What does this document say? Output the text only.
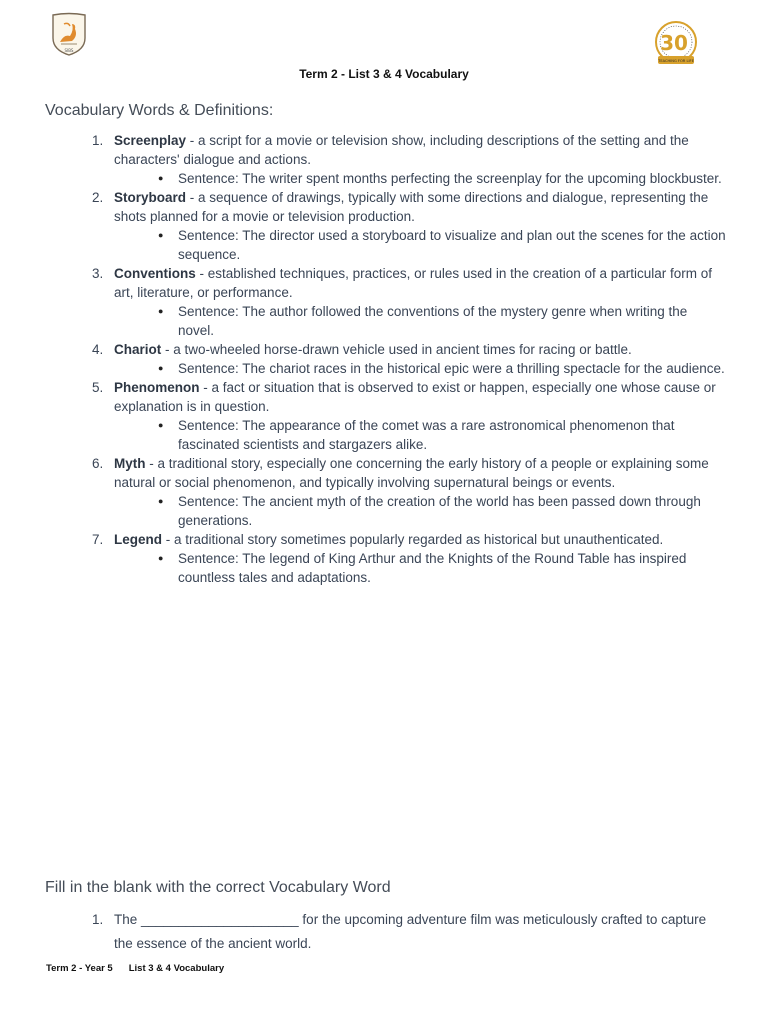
SIBS	30
TEACHING FOR LIFE
Term 2 - List 3 & 4 Vocabulary
Vocabulary Words & Definitions:
1. Screenplay - a script for a movie or television show, including descriptions of the setting and the characters' dialogue and actions.
● Sentence: The writer spent months perfecting the screenplay for the upcoming blockbuster.
2. Storyboard - a sequence of drawings, typically with some directions and dialogue, representing the shots planned for a movie or television production.
● Sentence: The director used a storyboard to visualize and plan out the scenes for the action sequence.
3. Conventions - established techniques, practices, or rules used in the creation of a particular form of art, literature, or performance.
● Sentence: The author followed the conventions of the mystery genre when writing the novel.
4. Chariot - a two-wheeled horse-drawn vehicle used in ancient times for racing or battle.
● Sentence: The chariot races in the historical epic were a thrilling spectacle for the audience.
5. Phenomenon - a fact or situation that is observed to exist or happen, especially one whose cause or explanation is in question.
● Sentence: The appearance of the comet was a rare astronomical phenomenon that fascinated scientists and stargazers alike.
6. Myth - a traditional story, especially one concerning the early history of a people or explaining some natural or social phenomenon, and typically involving supernatural beings or events.
● Sentence: The ancient myth of the creation of the world has been passed down through generations.
7. Legend - a traditional story sometimes popularly regarded as historical but unauthenticated.
● Sentence: The legend of King Arthur and the Knights of the Round Table has inspired countless tales and adaptations.
Fill in the blank with the correct Vocabulary Word
1. The _____________________ for the upcoming adventure film was meticulously crafted to capture the essence of the ancient world.
Term 2 - Year 5 List 3 & 4 Vocabulary
